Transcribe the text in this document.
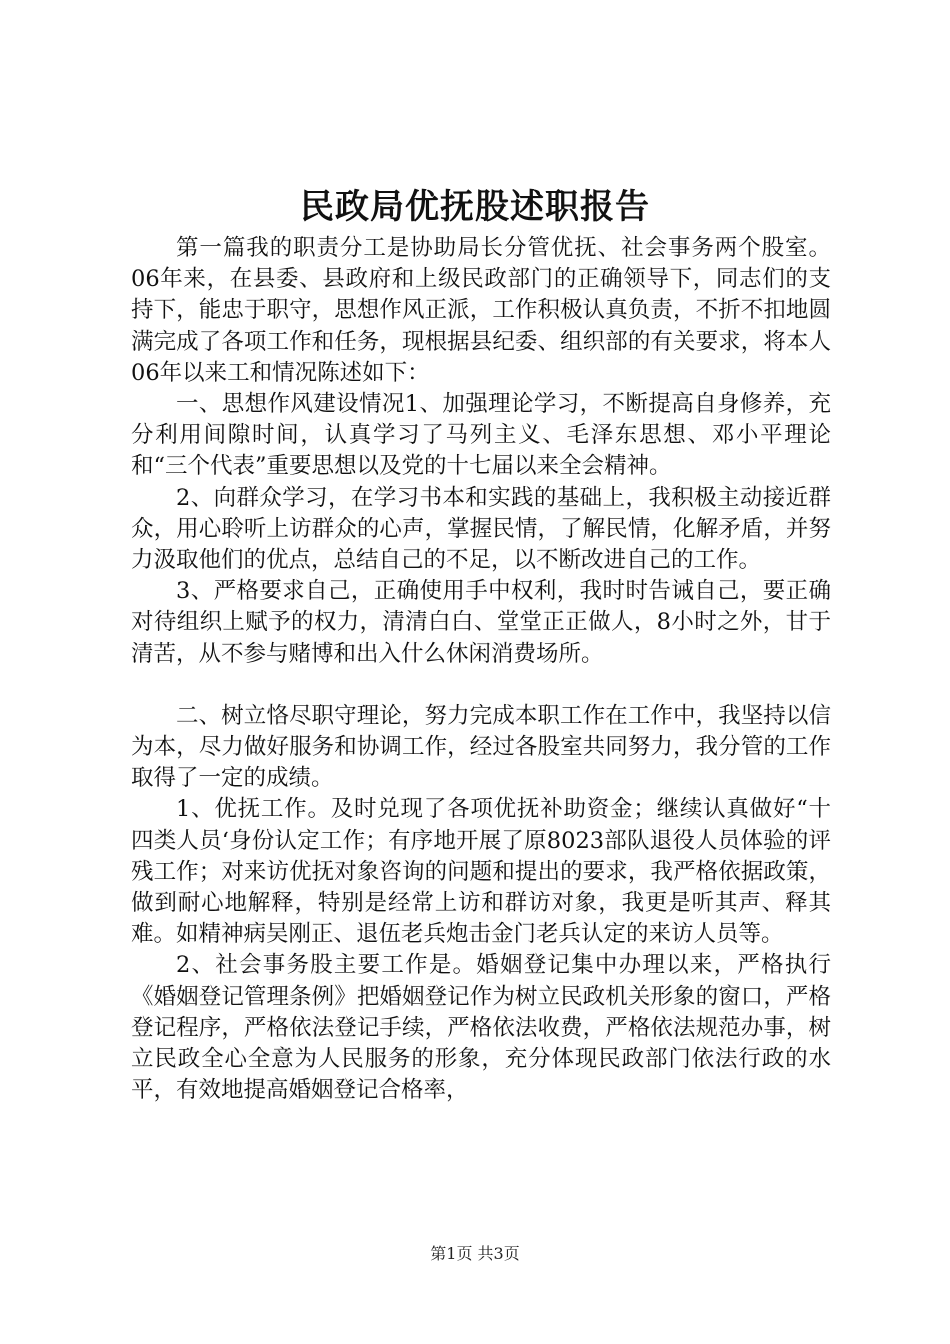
民政局优抚股述职报告

第一篇我的职责分工是协助局长分管优抚、社会事务两个股室。06年来，在县委、县政府和上级民政部门的正确领导下，同志们的支持下，能忠于职守，思想作风正派，工作积极认真负责，不折不扣地圆满完成了各项工作和任务，现根据县纪委、组织部的有关要求，将本人06年以来工和情况陈述如下：

一、思想作风建设情况1、加强理论学习，不断提高自身修养，充分利用间隙时间，认真学习了马列主义、毛泽东思想、邓小平理论和“三个代表”重要思想以及党的十七届以来全会精神。

2、向群众学习，在学习书本和实践的基础上，我积极主动接近群众，用心聆听上访群众的心声，掌握民情，了解民情，化解矛盾，并努力汲取他们的优点，总结自己的不足，以不断改进自己的工作。

3、严格要求自己，正确使用手中权利，我时时告诫自己，要正确对待组织上赋予的权力，清清白白、堂堂正正做人，8小时之外，甘于清苦，从不参与赌博和出入什么休闲消费场所。

二、树立恪尽职守理论，努力完成本职工作在工作中，我坚持以信为本，尽力做好服务和协调工作，经过各股室共同努力，我分管的工作取得了一定的成绩。

1、优抚工作。及时兑现了各项优抚补助资金；继续认真做好“十四类人员‘身份认定工作；有序地开展了原8023部队退役人员体验的评残工作；对来访优抚对象咨询的问题和提出的要求，我严格依据政策，做到耐心地解释，特别是经常上访和群访对象，我更是听其声、释其难。如精神病吴刚正、退伍老兵炮击金门老兵认定的来访人员等。

2、社会事务股主要工作是。婚姻登记集中办理以来，严格执行《婚姻登记管理条例》把婚姻登记作为树立民政机关形象的窗口，严格登记程序，严格依法登记手续，严格依法收费，严格依法规范办事，树立民政全心全意为人民服务的形象，充分体现民政部门依法行政的水平，有效地提高婚姻登记合格率，

第1页 共3页
